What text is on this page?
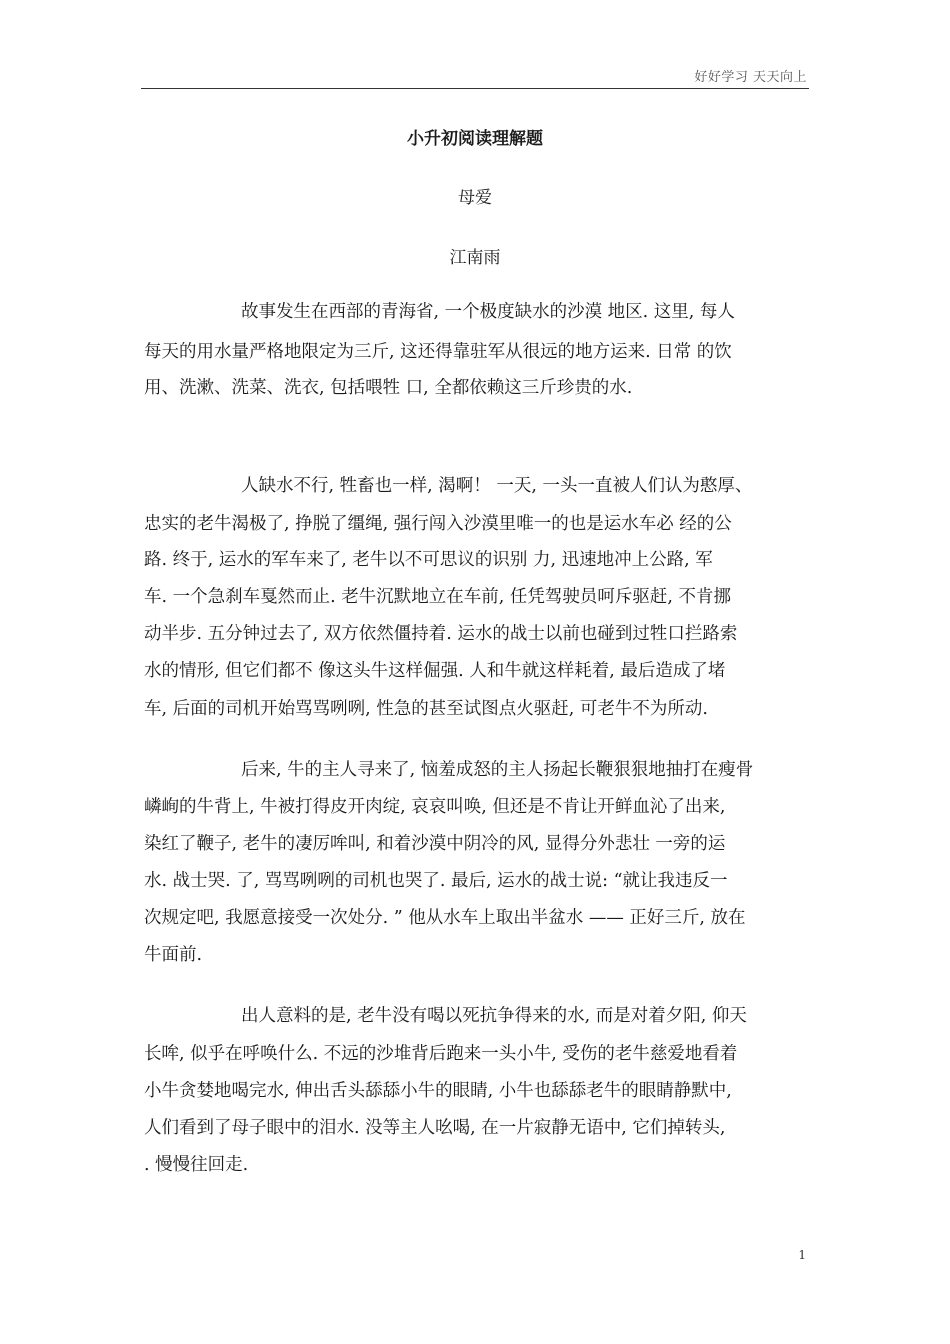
好好学习 天天向上
小升初阅读理解题
母爱
江南雨
故事发生在西部的青海省, 一个极度缺水的沙漠 地区. 这里, 每人
每天的用水量严格地限定为三斤, 这还得靠驻军从很远的地方运来. 日常 的饮
用、洗漱、洗菜、洗衣, 包括喂牲 口, 全都依赖这三斤珍贵的水.
人缺水不行, 牲畜也一样, 渴啊！ 一天, 一头一直被人们认为憨厚、
忠实的老牛渴极了, 挣脱了缰绳, 强行闯入沙漠里唯一的也是运水车必 经的公
路. 终于, 运水的军车来了, 老牛以不可思议的识别 力, 迅速地冲上公路, 军
车. 一个急刹车戛然而止. 老牛沉默地立在车前, 任凭驾驶员呵斥驱赶, 不肯挪
动半步. 五分钟过去了, 双方依然僵持着. 运水的战士以前也碰到过牲口拦路索
水的情形, 但它们都不 像这头牛这样倔强. 人和牛就这样耗着, 最后造成了堵
车, 后面的司机开始骂骂咧咧, 性急的甚至试图点火驱赶, 可老牛不为所动.
后来, 牛的主人寻来了, 恼羞成怒的主人扬起长鞭狠狠地抽打在瘦骨
嶙峋的牛背上, 牛被打得皮开肉绽, 哀哀叫唤, 但还是不肯让开鲜血沁了出来,
染红了鞭子, 老牛的凄厉哞叫, 和着沙漠中阴冷的风, 显得分外悲壮 一旁的运
水. 战士哭. 了, 骂骂咧咧的司机也哭了. 最后, 运水的战士说: “就让我违反一
次规定吧, 我愿意接受一次处分. ” 他从水车上取出半盆水 —— 正好三斤, 放在
牛面前.
出人意料的是, 老牛没有喝以死抗争得来的水, 而是对着夕阳, 仰天
长哞, 似乎在呼唤什么. 不远的沙堆背后跑来一头小牛, 受伤的老牛慈爱地看着
小牛贪婪地喝完水, 伸出舌头舔舔小牛的眼睛, 小牛也舔舔老牛的眼睛静默中,
人们看到了母子眼中的泪水. 没等主人吆喝, 在一片寂静无语中, 它们掉转头,
. 慢慢往回走.
1
